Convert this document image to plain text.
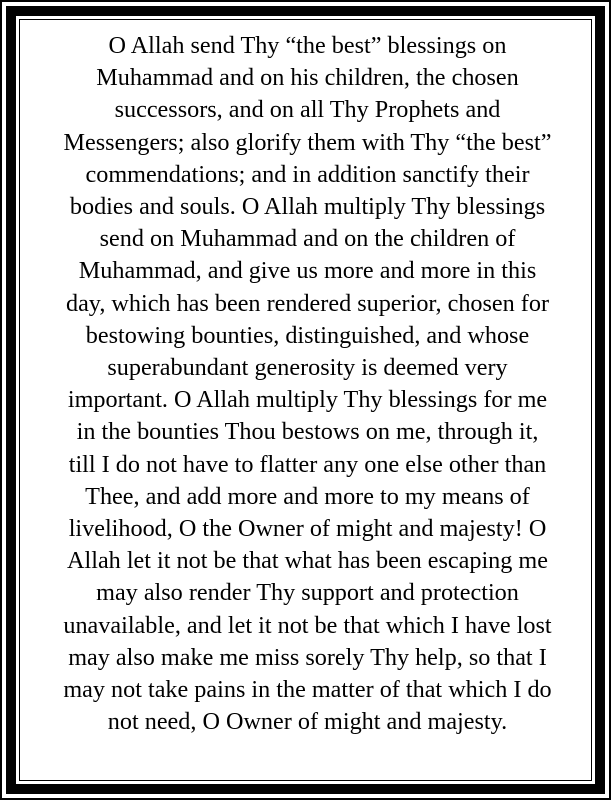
O Allah send Thy “the best” blessings on
Muhammad and on his children, the chosen
successors, and on all Thy Prophets and
Messengers; also glorify them with Thy “the best”
commendations; and in addition sanctify their
bodies and souls. O Allah multiply Thy blessings
send on Muhammad and on the children of
Muhammad, and give us more and more in this
day, which has been rendered superior, chosen for
bestowing bounties, distinguished, and whose
superabundant generosity is deemed very
important. O Allah multiply Thy blessings for me
in the bounties Thou bestows on me, through it,
till I do not have to flatter any one else other than
Thee, and add more and more to my means of
livelihood, O the Owner of might and majesty! O
Allah let it not be that what has been escaping me
may also render Thy support and protection
unavailable, and let it not be that which I have lost
may also make me miss sorely Thy help, so that I
may not take pains in the matter of that which I do
not need, O Owner of might and majesty.
